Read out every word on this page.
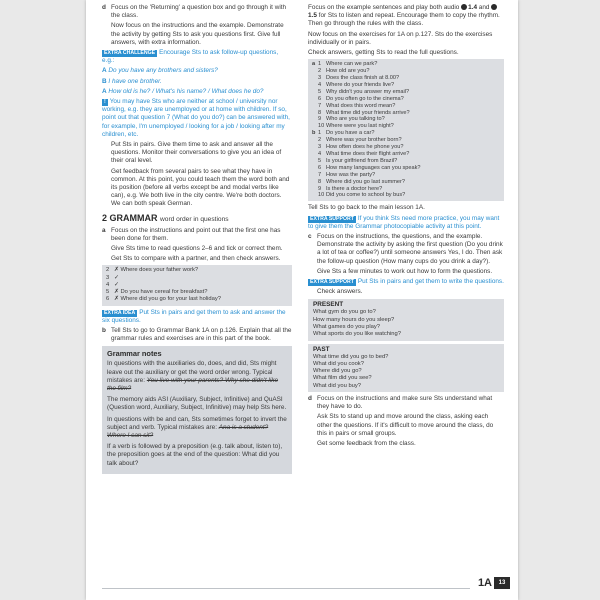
d Focus on the 'Returning' a question box and go through it with the class.

Now focus on the instructions and the example. Demonstrate the activity by getting Sts to ask you questions first. Give full answers, with extra information.

EXTRA CHALLENGE Encourage Sts to ask follow-up questions, e.g.:

A Do you have any brothers and sisters?

B I have one brother.

A How old is he? / What's his name? / What does he do?

! You may have Sts who are neither at school / university nor working, e.g. they are unemployed or at home with children. If so, point out that question 7 (What do you do?) can be answered with, for example, I'm unemployed / looking for a job / looking after my children, etc.

Put Sts in pairs. Give them time to ask and answer all the questions. Monitor their conversations to give you an idea of their oral level.

Get feedback from several pairs to see what they have in common. At this point, you could teach them the word both and its position (before all verbs except be and modal verbs like can), e.g. We both live in the city centre. We're both doctors. We can both speak German.

2 GRAMMAR word order in questions

a Focus on the instructions and point out that the first one has been done for them.

Give Sts time to read questions 2–6 and tick or correct them.

Get Sts to compare with a partner, and then check answers.

2 ✗ Where does your father work?
3 ✓
4 ✓
5 ✗ Do you have cereal for breakfast?
6 ✗ Where did you go for your last holiday?

EXTRA IDEA Put Sts in pairs and get them to ask and answer the six questions.

b Tell Sts to go to Grammar Bank 1A on p.126. Explain that all the grammar rules and exercises are in this part of the book.

Grammar notes

In questions with the auxiliaries do, does, and did, Sts might leave out the auxiliary or get the word order wrong. Typical mistakes are: You live with your parents? Why she didn't like the film?

The memory aids ASI (Auxiliary, Subject, Infinitive) and QuASI (Question word, Auxiliary, Subject, Infinitive) may help Sts here.

In questions with be and can, Sts sometimes forget to invert the subject and verb. Typical mistakes are: Ana is a student? Where I can sit?

If a verb is followed by a preposition (e.g. talk about, listen to), the preposition goes at the end of the question: What did you talk about?

Focus on the example sentences and play both audio 1.4 and 1.5 for Sts to listen and repeat. Encourage them to copy the rhythm. Then go through the rules with the class.

Now focus on the exercises for 1A on p.127. Sts do the exercises individually or in pairs.

Check answers, getting Sts to read the full questions.

a 1 Where can we park?
2 How old are you?
3 Does the class finish at 8.00?
4 Where do your friends live?
5 Why didn't you answer my email?
6 Do you often go to the cinema?
7 What does this word mean?
8 What time did your friends arrive?
9 Who are you talking to?
10 Where were you last night?
b 1 Do you have a car?
2 Where was your brother born?
3 How often does he phone you?
4 What time does their flight arrive?
5 Is your girlfriend from Brazil?
6 How many languages can you speak?
7 How was the party?
8 Where did you go last summer?
9 Is there a doctor here?
10 Did you come to school by bus?

Tell Sts to go back to the main lesson 1A.

EXTRA SUPPORT If you think Sts need more practice, you may want to give them the Grammar photocopiable activity at this point.

c Focus on the instructions, the questions, and the example. Demonstrate the activity by asking the first question (Do you drink a lot of tea or coffee?) until someone answers Yes, I do. Then ask the follow-up question (How many cups do you drink a day?).

Give Sts a few minutes to work out how to form the questions.

EXTRA SUPPORT Put Sts in pairs and get them to write the questions.

Check answers.

PRESENT
What gym do you go to?
How many hours do you sleep?
What games do you play?
What sports do you like watching?
PAST
What time did you go to bed?
What did you cook?
Where did you go?
What film did you see?
What did you buy?

d Focus on the instructions and make sure Sts understand what they have to do.

Ask Sts to stand up and move around the class, asking each other the questions. If it's difficult to move around the class, do this in pairs or small groups.

Get some feedback from the class.

1A	13
